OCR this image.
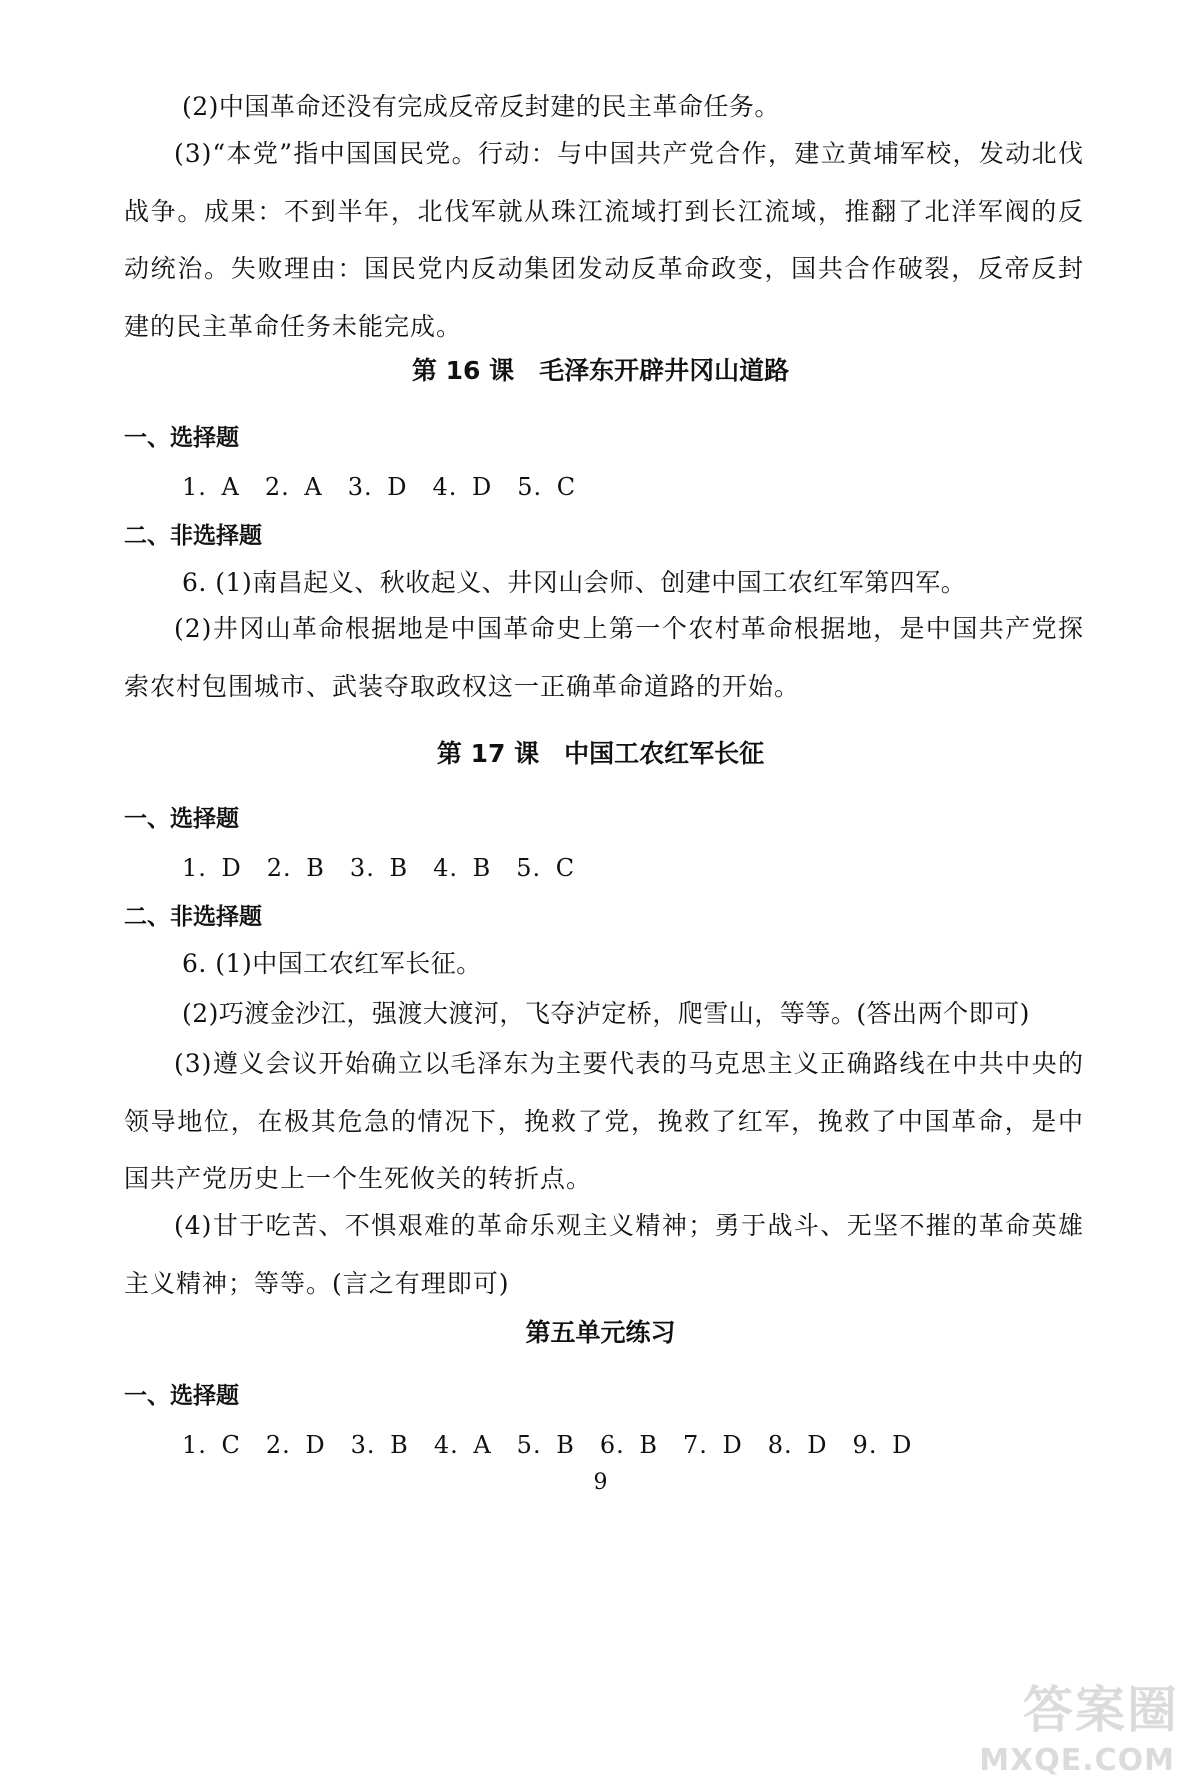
(2)中国革命还没有完成反帝反封建的民主革命任务。
(3)“本党”指中国国民党。行动：与中国共产党合作，建立黄埔军校，发动北伐战争。成果：不到半年，北伐军就从珠江流域打到长江流域，推翻了北洋军阀的反动统治。失败理由：国民党内反动集团发动反革命政变，国共合作破裂，反帝反封建的民主革命任务未能完成。
第 16 课　毛泽东开辟井冈山道路
一、选择题
1. A　2. A　3. D　4. D　5. C
二、非选择题
6. (1)南昌起义、秋收起义、井冈山会师、创建中国工农红军第四军。
(2)井冈山革命根据地是中国革命史上第一个农村革命根据地，是中国共产党探索农村包围城市、武装夺取政权这一正确革命道路的开始。
第 17 课　中国工农红军长征
一、选择题
1. D　2. B　3. B　4. B　5. C
二、非选择题
6. (1)中国工农红军长征。
(2)巧渡金沙江，强渡大渡河，飞夺泸定桥，爬雪山，等等。(答出两个即可)
(3)遵义会议开始确立以毛泽东为主要代表的马克思主义正确路线在中共中央的领导地位，在极其危急的情况下，挽救了党，挽救了红军，挽救了中国革命，是中国共产党历史上一个生死攸关的转折点。
(4)甘于吃苦、不惧艰难的革命乐观主义精神；勇于战斗、无坚不摧的革命英雄主义精神；等等。(言之有理即可)
第五单元练习
一、选择题
1. C　2. D　3. B　4. A　5. B　6. B　7. D　8. D　9. D
9
答案圈
MXQE.COM
